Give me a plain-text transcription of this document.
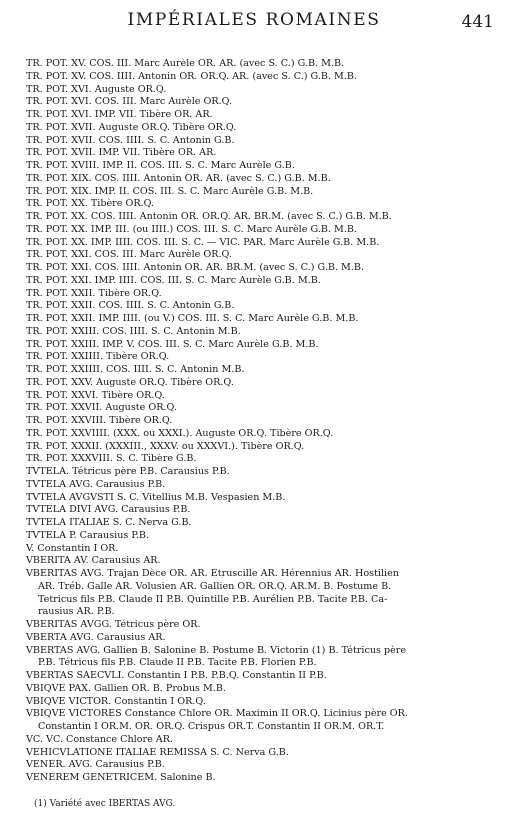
IMPÉRIALES ROMAINES	441
TR. POT. XV. COS. III. Marc Aurèle OR. AR. (avec S. C.) G.B. M.B.
TR. POT. XV. COS. IIII. Antonin OR. OR.Q. AR. (avec S. C.) G.B. M.B.
TR. POT. XVI. Auguste OR.Q.
TR. POT. XVI. COS. III. Marc Aurèle OR.Q.
TR. POT. XVI. IMP. VII. Tibère OR. AR.
TR. POT. XVII. Auguste OR.Q. Tibère OR.Q.
TR. POT. XVII. COS. IIII. S. C. Antonin G.B.
TR. POT. XVII. IMP. VII. Tibère OR. AR.
TR. POT. XVIII. IMP. II. COS. III. S. C. Marc Aurèle G.B.
TR. POT. XIX. COS. IIII. Antonin OR. AR. (avec S. C.) G.B. M.B.
TR. POT. XIX. IMP. II. COS. III. S. C. Marc Aurèle G.B. M.B.
TR. POT. XX. Tibère OR.Q.
TR. POT. XX. COS. IIII. Antonin OR. OR.Q. AR. BR.M. (avec S. C.) G.B. M.B.
TR. POT. XX. IMP. III. (ou IIII.) COS. III. S. C. Marc Aurèle G.B. M.B.
TR. POT. XX. IMP. IIII. COS. III. S. C. — VIC. PAR. Marc Aurèle G.B. M.B.
TR. POT. XXI. COS. III. Marc Aurèle OR.Q.
TR. POT. XXI. COS. IIII. Antonin OR. AR. BR.M. (avec S. C.) G.B. M.B.
TR. POT. XXI. IMP. IIII. COS. III. S. C. Marc Aurèle G.B. M.B.
TR. POT. XXII. Tibère OR.Q.
TR. POT. XXII. COS. IIII. S. C. Antonin G.B.
TR. POT. XXII. IMP. IIII. (ou V.) COS. III. S. C. Marc Aurèle G.B. M.B.
TR. POT. XXIII. COS. IIII. S. C. Antonin M.B.
TR. POT. XXIII. IMP. V. COS. III. S. C. Marc Aurèle G.B. M.B.
TR. POT. XXIIII. Tibère OR.Q.
TR. POT. XXIIII. COS. IIII. S. C. Antonin M.B.
TR. POT. XXV. Auguste OR.Q. Tibère OR.Q.
TR. POT. XXVI. Tibère OR.Q.
TR. POT. XXVII. Auguste OR.Q.
TR. POT. XXVIII. Tibère OR.Q.
TR. POT. XXVIIII. (XXX. ou XXXI.). Auguste OR.Q. Tibère OR.Q.
TR. POT. XXXII. (XXXIII., XXXV. ou XXXVI.). Tibère OR.Q.
TR. POT. XXXVIII. S. C. Tibère G.B.
TVTELA. Tétricus père P.B. Carausius P.B.
TVTELA AVG. Carausius P.B.
TVTELA AVGVSTI S. C. Vitellius M.B. Vespasien M.B.
TVTELA DIVI AVG. Carausius P.B.
TVTELA ITALIAE S. C. Nerva G.B.
TVTELA P. Carausius P.B.
V. Constantin I OR.
VBERITA AV. Carausius AR.
VBERITAS AVG. Trajan Dèce OR. AR. Étruscille AR. Hérennius AR. Hostilien
AR. Tréb. Galle AR. Volusien AR. Gallien OR. OR.Q. AR.M. B. Postume B.
Tetricus fils P.B. Claude II P.B. Quintille P.B. Aurélien P.B. Tacite P.B. Ca-
rausius AR. P.B.
VBERITAS AVGG. Tétricus père OR.
VBERTA AVG. Carausius AR.
VBERTAS AVG. Gallien B. Salonine B. Postume B. Victorin (1) B. Tétricus père
P.B. Tétricus fils P.B. Claude II P.B. Tacite P.B. Florien P.B.
VBERTAS SAECVLI. Constantin I P.B. P.B.Q. Constantin II P.B.
VBIQVE PAX. Gallien OR. B. Probus M.B.
VBIQVE VICTOR. Constantin I OR.Q.
VBIQVE VICTORES Constance Chlore OR. Maximin II OR.Q. Licinius père OR.
Constantin I OR.M. OR. OR.Q. Crispus OR.T. Constantin II OR.M. OR.T.
VC. VC. Constance Chlore AR.
VEHICVLATIONE ITALIAE REMISSA S. C. Nerva G.B.
VENER. AVG. Carausius P.B.
VENEREM GENETRICEM. Salonine B.
(1) Variété avec IBERTAS AVG.
